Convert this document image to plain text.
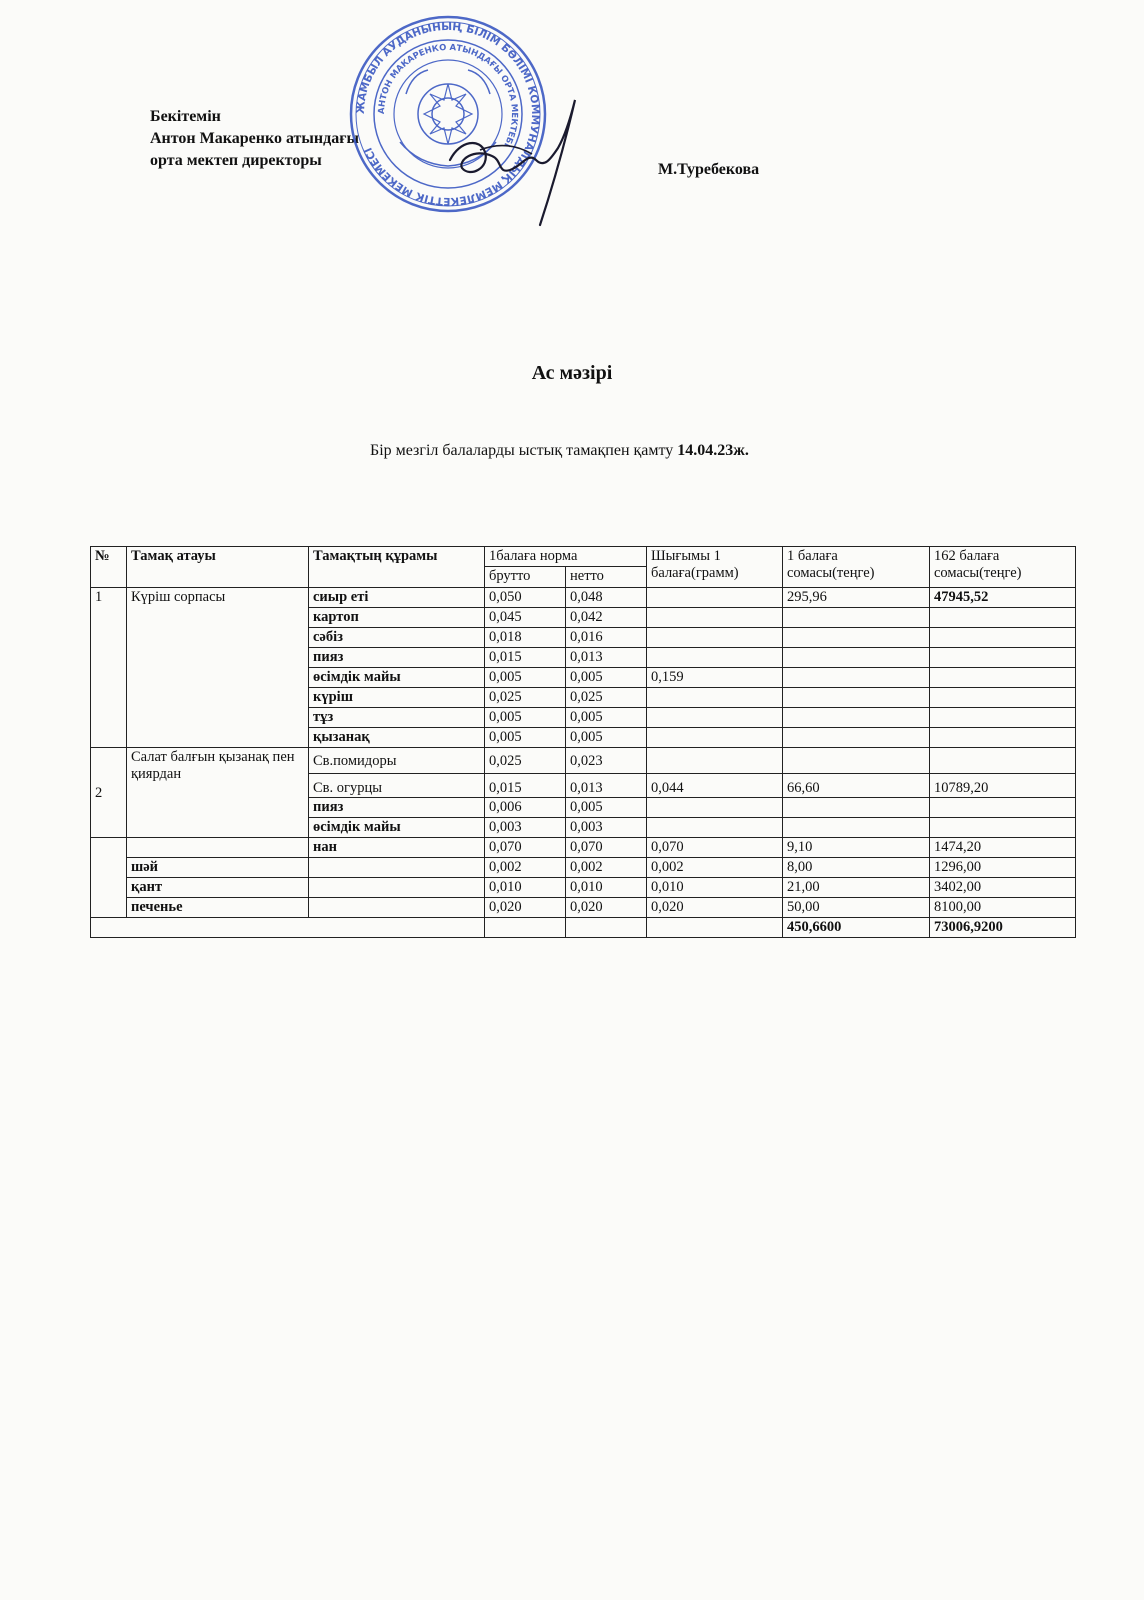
Бекітемін
Антон Макаренко атындағы
орта мектеп директоры
М.Туребекова
ЖАМБЫЛ АУДАНЫНЫҢ БІЛІМ БӨЛІМІ КОММУНАЛДЫҚ МЕМЛЕКЕТТІК МЕКЕМЕСІ
АНТОН МАКАРЕНКО АТЫНДАҒЫ ОРТА МЕКТЕБІ
Ас мәзірі
Бір мезгіл балаларды ыстық тамақпен қамту 14.04.23ж.
№	Тамақ атауы	Тамақтың құрамы	1балаға норма		Шығымы 1 балаға(грамм)	1 балаға сомасы(теңге)	162 балаға сомасы(теңге)
			брутто	нетто			
1	Күріш сорпасы	сиыр еті	0,050	0,048		295,96	47945,52
		картоп	0,045	0,042			
		сәбіз	0,018	0,016			
		пияз	0,015	0,013			
		өсімдік майы	0,005	0,005	0,159		
		күріш	0,025	0,025			
		тұз	0,005	0,005			
		қызанақ	0,005	0,005			
2	Салат балғын қызанақ пен қиярдан	Св.помидоры	0,025	0,023			
		Св. огурцы	0,015	0,013	0,044	66,60	10789,20
		пияз	0,006	0,005			
		өсімдік майы	0,003	0,003			
		нан	0,070	0,070	0,070	9,10	1474,20
	шәй		0,002	0,002	0,002	8,00	1296,00
	қант		0,010	0,010	0,010	21,00	3402,00
	печенье		0,020	0,020	0,020	50,00	8100,00
						450,6600	73006,9200
